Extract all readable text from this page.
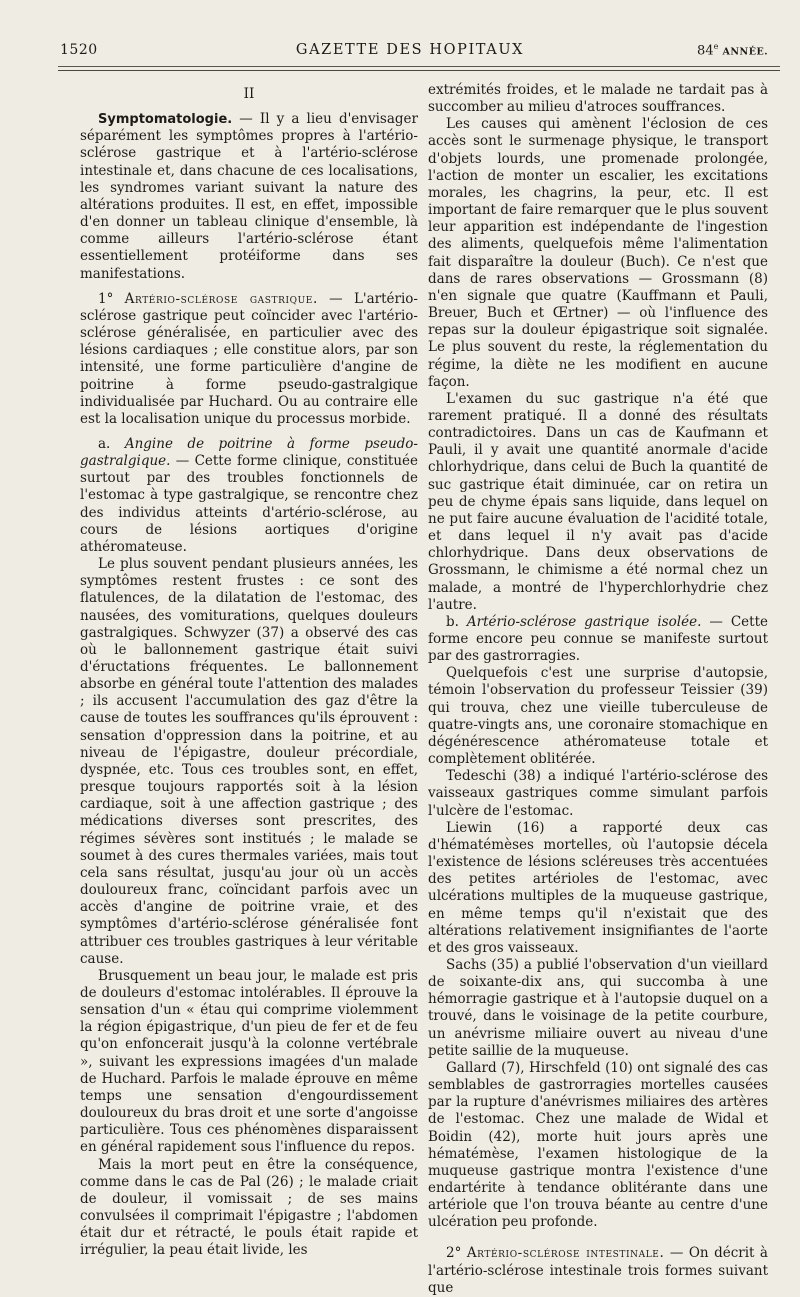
1520	GAZETTE DES HOPITAUX	84e ANNÉE.

II

Symptomatologie. — Il y a lieu d'envisager séparément les symptômes propres à l'artério-sclérose gastrique et à l'artério-sclérose intestinale et, dans chacune de ces localisations, les syndromes variant suivant la nature des altérations produites. Il est, en effet, impossible d'en donner un tableau clinique d'ensemble, là comme ailleurs l'artério-sclérose étant essentiellement protéiforme dans ses manifestations.

1° Artério-sclérose gastrique. — L'artério-sclérose gastrique peut coïncider avec l'artério-sclérose généralisée, en particulier avec des lésions cardiaques ; elle constitue alors, par son intensité, une forme particulière d'angine de poitrine à forme pseudo-gastralgique individualisée par Huchard. Ou au contraire elle est la localisation unique du processus morbide.

a. Angine de poitrine à forme pseudo-gastralgique. — Cette forme clinique, constituée surtout par des troubles fonctionnels de l'estomac à type gastralgique, se rencontre chez des individus atteints d'artério-sclérose, au cours de lésions aortiques d'origine athéromateuse.

Le plus souvent pendant plusieurs années, les symptômes restent frustes : ce sont des flatulences, de la dilatation de l'estomac, des nausées, des vomiturations, quelques douleurs gastralgiques. Schwyzer (37) a observé des cas où le ballonnement gastrique était suivi d'éructations fréquentes. Le ballonnement absorbe en général toute l'attention des malades ; ils accusent l'accumulation des gaz d'être la cause de toutes les souffrances qu'ils éprouvent : sensation d'oppression dans la poitrine, et au niveau de l'épigastre, douleur précordiale, dyspnée, etc. Tous ces troubles sont, en effet, presque toujours rapportés soit à la lésion cardiaque, soit à une affection gastrique ; des médications diverses sont prescrites, des régimes sévères sont institués ; le malade se soumet à des cures thermales variées, mais tout cela sans résultat, jusqu'au jour où un accès douloureux franc, coïncidant parfois avec un accès d'angine de poitrine vraie, et des symptômes d'artério-sclérose généralisée font attribuer ces troubles gastriques à leur véritable cause.

Brusquement un beau jour, le malade est pris de douleurs d'estomac intolérables. Il éprouve la sensation d'un « étau qui comprime violemment la région épigastrique, d'un pieu de fer et de feu qu'on enfoncerait jusqu'à la colonne vertébrale », suivant les expressions imagées d'un malade de Huchard. Parfois le malade éprouve en même temps une sensation d'engourdissement douloureux du bras droit et une sorte d'angoisse particulière. Tous ces phénomènes disparaissent en général rapidement sous l'influence du repos.

Mais la mort peut en être la conséquence, comme dans le cas de Pal (26) ; le malade criait de douleur, il vomissait ; de ses mains convulsées il comprimait l'épigastre ; l'abdomen était dur et rétracté, le pouls était rapide et irrégulier, la peau était livide, les

extrémités froides, et le malade ne tardait pas à succomber au milieu d'atroces souffrances.

Les causes qui amènent l'éclosion de ces accès sont le surmenage physique, le transport d'objets lourds, une promenade prolongée, l'action de monter un escalier, les excitations morales, les chagrins, la peur, etc. Il est important de faire remarquer que le plus souvent leur apparition est indépendante de l'ingestion des aliments, quelquefois même l'alimentation fait disparaître la douleur (Buch). Ce n'est que dans de rares observations — Grossmann (8) n'en signale que quatre (Kauffmann et Pauli, Breuer, Buch et Œrtner) — où l'influence des repas sur la douleur épigastrique soit signalée. Le plus souvent du reste, la réglementation du régime, la diète ne les modifient en aucune façon.

L'examen du suc gastrique n'a été que rarement pratiqué. Il a donné des résultats contradictoires. Dans un cas de Kaufmann et Pauli, il y avait une quantité anormale d'acide chlorhydrique, dans celui de Buch la quantité de suc gastrique était diminuée, car on retira un peu de chyme épais sans liquide, dans lequel on ne put faire aucune évaluation de l'acidité totale, et dans lequel il n'y avait pas d'acide chlorhydrique. Dans deux observations de Grossmann, le chimisme a été normal chez un malade, a montré de l'hyperchlorhydrie chez l'autre.

b. Artério-sclérose gastrique isolée. — Cette forme encore peu connue se manifeste surtout par des gastrorragies.

Quelquefois c'est une surprise d'autopsie, témoin l'observation du professeur Teissier (39) qui trouva, chez une vieille tuberculeuse de quatre-vingts ans, une coronaire stomachique en dégénérescence athéromateuse totale et complètement oblitérée.

Tedeschi (38) a indiqué l'artério-sclérose des vaisseaux gastriques comme simulant parfois l'ulcère de l'estomac.

Liewin (16) a rapporté deux cas d'hématémèses mortelles, où l'autopsie décela l'existence de lésions scléreuses très accentuées des petites artérioles de l'estomac, avec ulcérations multiples de la muqueuse gastrique, en même temps qu'il n'existait que des altérations relativement insignifiantes de l'aorte et des gros vaisseaux.

Sachs (35) a publié l'observation d'un vieillard de soixante-dix ans, qui succomba à une hémorragie gastrique et à l'autopsie duquel on a trouvé, dans le voisinage de la petite courbure, un anévrisme miliaire ouvert au niveau d'une petite saillie de la muqueuse.

Gallard (7), Hirschfeld (10) ont signalé des cas semblables de gastrorragies mortelles causées par la rupture d'anévrismes miliaires des artères de l'estomac. Chez une malade de Widal et Boidin (42), morte huit jours après une hématémèse, l'examen histologique de la muqueuse gastrique montra l'existence d'une endartérite à tendance oblitérante dans une artériole que l'on trouva béante au centre d'une ulcération peu profonde.

2° Artério-sclérose intestinale. — On décrit à l'artério-sclérose intestinale trois formes suivant que
